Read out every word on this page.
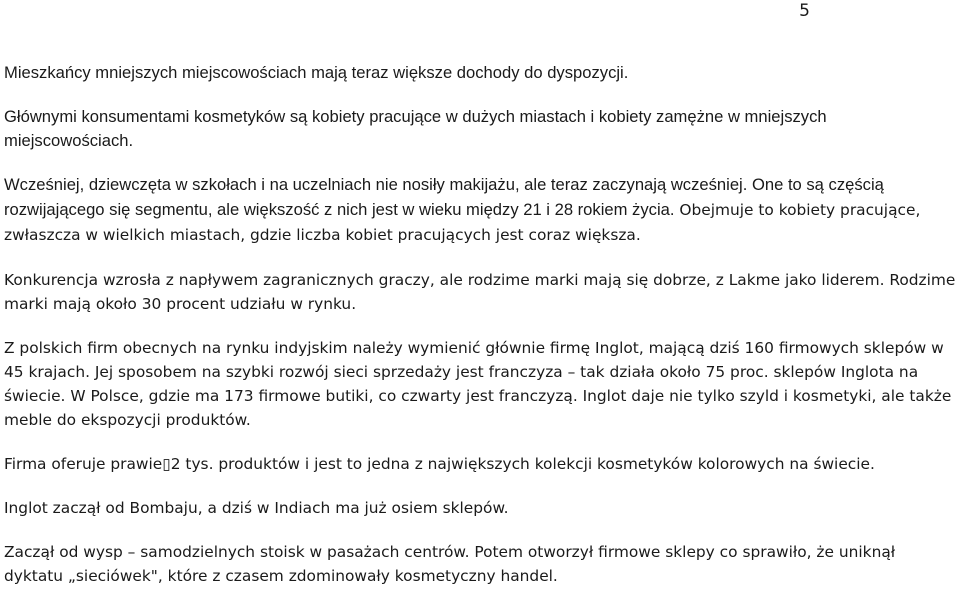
5

Mieszkańcy mniejszych miejscowościach mają teraz większe dochody do dyspozycji.

Głównymi konsumentami kosmetyków są kobiety pracujące w dużych miastach i kobiety zamężne w mniejszych miejscowościach.

Wcześniej, dziewczęta w szkołach i na uczelniach nie nosiły makijażu, ale teraz zaczynają wcześniej. One to są częścią rozwijającego się segmentu, ale większość z nich jest w wieku między 21 i 28 rokiem życia. Obejmuje to kobiety pracujące, zwłaszcza w wielkich miastach, gdzie liczba kobiet pracujących jest coraz większa.

Konkurencja wzrosła z napływem zagranicznych graczy, ale rodzime marki mają się dobrze, z Lakme jako liderem. Rodzime marki mają około 30 procent udziału w rynku.

Z polskich firm obecnych na rynku indyjskim należy wymienić głównie firmę Inglot, mającą dziś 160 firmowych sklepów w 45 krajach. Jej sposobem na szybki rozwój sieci sprzedaży jest franczyza – tak działa około 75 proc. sklepów Inglota na świecie. W Polsce, gdzie ma 173 firmowe butiki, co czwarty jest franczyzą. Inglot daje nie tylko szyld i kosmetyki, ale także meble do ekspozycji produktów.

Firma oferuje prawie▯2 tys. produktów i jest to jedna z największych kolekcji kosmetyków kolorowych na świecie.

Inglot zaczął od Bombaju, a dziś w Indiach ma już osiem sklepów.

Zaczął od wysp – samodzielnych stoisk w pasażach centrów. Potem otworzył firmowe sklepy co sprawiło, że uniknął dyktatu „sieciówek", które z czasem zdominowały kosmetyczny handel.
